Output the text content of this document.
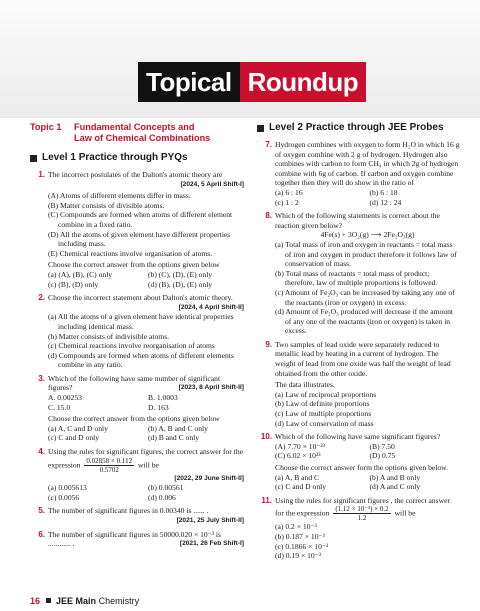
Topical Roundup
Topic 1 Fundamental Concepts and
Law of Chemical Combinations
Level 1 Practice through PYQs
1. The incorrect postulates of the Dalton's atomic theory are
[2024, 5 April Shift-I]
(A) Atoms of different elements differ in mass.
(B) Matter consists of divisible atoms.
(C) Compounds are formed when atoms of different element combine in a fixed ratio.
(D) All the atoms of given element have different properties including mass.
(E) Chemical reactions involve organisation of atoms.
Choose the correct answer from the options given below
(a) (A), (B), (C) only	(b) (C), (D), (E) only
(c) (B), (D) only	(d) (B), (D), (E) only
2. Choose the incorrect statement about Dalton's atomic theory.
[2024, 4 April Shift-II]
(a) All the atoms of a given element have identical properties including identical mass.
(b) Matter consists of indivisible atoms.
(c) Chemical reactions involve reorganisation of atoms
(d) Compounds are formed when atoms of different elements combine in any ratio.
3. Which of the following have same number of significant figures?	[2023, 8 April Shift-II]
A. 0.00253	B. 1.0003
C. 15.0	D. 163
Choose the correct answer from the options given below
(a) A, C and D only	(b) A, B and C only
(c) C and D only	(d) B and C only
4. Using the rules for significant figures, the correct answer for the expression $\frac{0.02858 \times 0.112}{0.5702}$ will be
[2022, 29 June Shift-II]
(a) 0.005613	(b) 0.00561
(c) 0.0056	(d) 0.006
5. The number of significant figures in 0.00340 is ...... .
[2021, 25 July Shift-II]
6. The number of significant figures in 50000.020 × 10⁻³ is ............ .	[2021, 26 Feb Shift-I]
Level 2 Practice through JEE Probes
7. Hydrogen combines with oxygen to form H₂O in which 16 g of oxygen combine with 2 g of hydrogen. Hydrogen also combines with carbon to form CH₄ in which 2g of hydrogen combine with 6g of carbon. If carbon and oxygen combine together then they will do show in the ratio of
(a) 6 : 16	(b) 6 : 18
(c) 1 : 2	(d) 12 : 24
8. Which of the following statements is correct about the reaction given below?
4Fe(s) + 3O₂(g) ⟶ 2Fe₂O₃(g)
(a) Total mass of iron and oxygen in reactants = total mass of iron and oxygen in product therefore it follows law of conservation of mass.
(b) Total mass of reactants = total mass of product; therefore, law of multiple proportions is followed.
(c) Amount of Fe₂O₃ can be increased by taking any one of the reactants (iron or oxygen) in excess.
(d) Amount of Fe₂O₃ produced will decrease if the amount of any one of the reactants (iron or oxygen) is taken in excess.
9. Two samples of lead oxide were separately reduced to metallic lead by heating in a current of hydrogen. The weight of lead from one oxide was half the weight of lead obtained from the other oxide.
The data illustrates.
(a) Law of reciprocal proportions
(b) Law of definite proportions
(c) Law of multiple proportions
(d) Law of conservation of mass
10. Which of the following have same significant figures?
(A) 7.70 × 10⁻²³	(B) 7.50
(C) 6.02 × 10²³	(D) 0.75
Choose the correct answer form the options given below.
(a) A, B and C	(b) A and B only
(c) C and D only	(d) A and C only
11. Using the rules for significant figures , the correct answer for the expression $\frac{\text{(1.12 × 10⁻³) × 0.2}}{1.2}$ will be
(a) 0.2 × 10⁻³
(b) 0.187 × 10⁻³
(c) 0.1866 × 10⁻³
(d) 0.19 × 10⁻³
16 JEE Main Chemistry
